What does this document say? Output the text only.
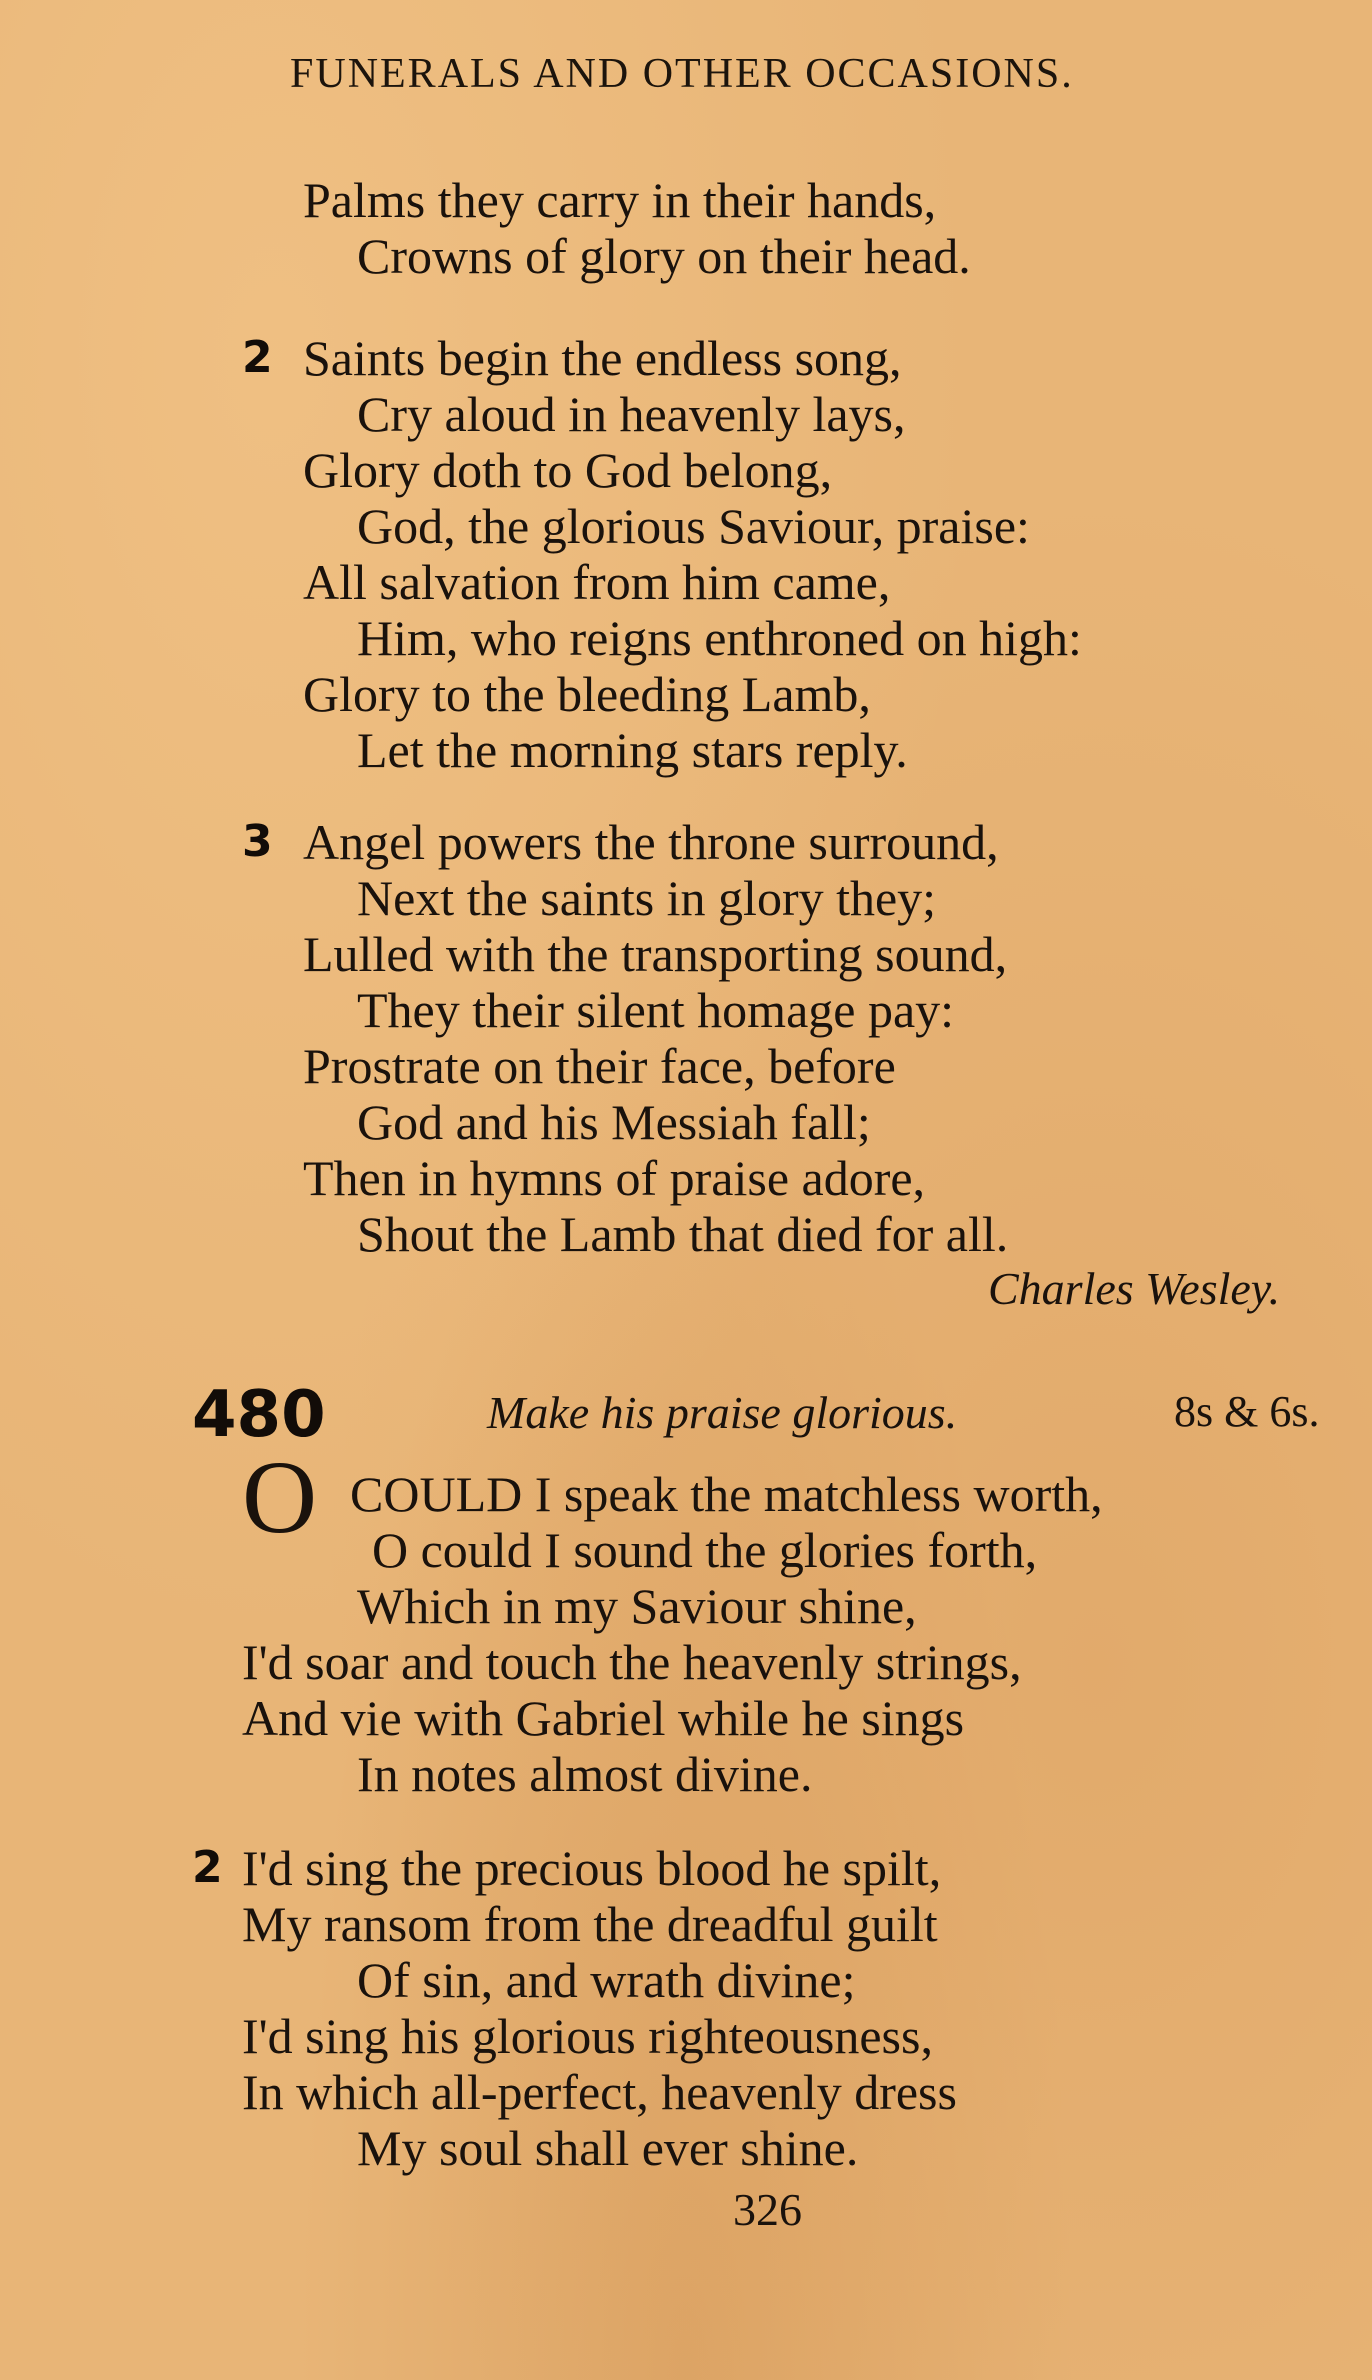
FUNERALS AND OTHER OCCASIONS.
Palms they carry in their hands,
Crowns of glory on their head.
2 Saints begin the endless song,
Cry aloud in heavenly lays,
Glory doth to God belong,
God, the glorious Saviour, praise:
All salvation from him came,
Him, who reigns enthroned on high:
Glory to the bleeding Lamb,
Let the morning stars reply.
3 Angel powers the throne surround,
Next the saints in glory they;
Lulled with the transporting sound,
They their silent homage pay:
Prostrate on their face, before
God and his Messiah fall;
Then in hymns of praise adore,
Shout the Lamb that died for all.
Charles Wesley.
480	Make his praise glorious.	8s & 6s.
O COULD I speak the matchless worth,
O could I sound the glories forth,
Which in my Saviour shine,
I'd soar and touch the heavenly strings,
And vie with Gabriel while he sings
In notes almost divine.
2 I'd sing the precious blood he spilt,
My ransom from the dreadful guilt
Of sin, and wrath divine;
I'd sing his glorious righteousness,
In which all-perfect, heavenly dress
My soul shall ever shine.
326
